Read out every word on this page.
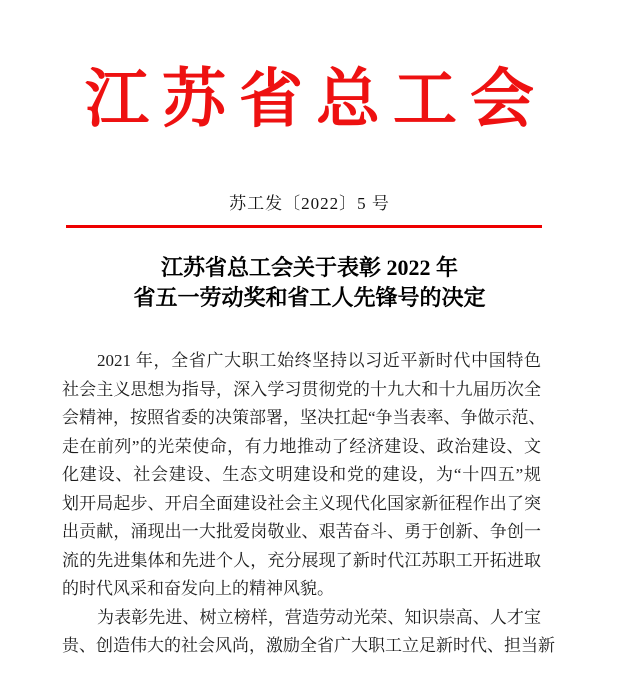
江苏省总工会
苏工发〔2022〕5 号
江苏省总工会关于表彰 2022 年
省五一劳动奖和省工人先锋号的决定
2021 年，全省广大职工始终坚持以习近平新时代中国特色
社会主义思想为指导，深入学习贯彻党的十九大和十九届历次全
会精神，按照省委的决策部署，坚决扛起“争当表率、争做示范、
走在前列”的光荣使命，有力地推动了经济建设、政治建设、文
化建设、社会建设、生态文明建设和党的建设，为“十四五”规
划开局起步、开启全面建设社会主义现代化国家新征程作出了突
出贡献，涌现出一大批爱岗敬业、艰苦奋斗、勇于创新、争创一
流的先进集体和先进个人，充分展现了新时代江苏职工开拓进取
的时代风采和奋发向上的精神风貌。
为表彰先进、树立榜样，营造劳动光荣、知识崇高、人才宝
贵、创造伟大的社会风尚，激励全省广大职工立足新时代、担当新
